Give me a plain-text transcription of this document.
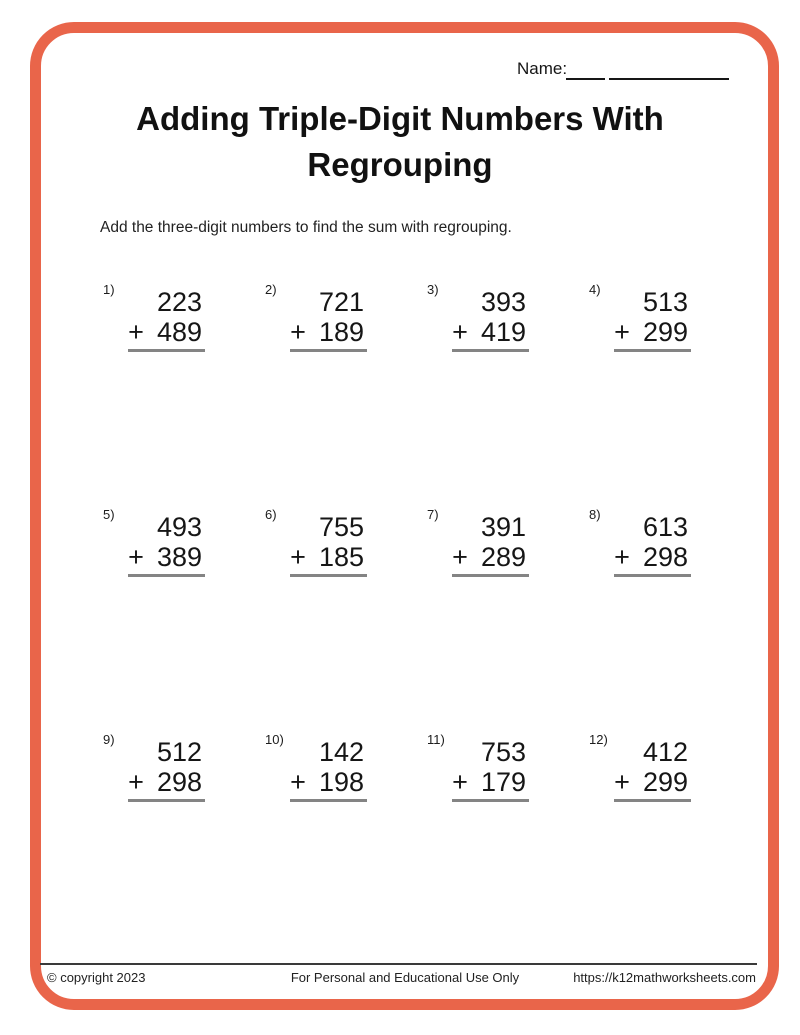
Name:
Adding Triple-Digit Numbers With
Regrouping
Add the three-digit numbers to find the sum with regrouping.
1)	223
+ 489
2)	721
+ 189
3)	393
+ 419
4)	513
+ 299
5)	493
+ 389
6)	755
+ 185
7)	391
+ 289
8)	613
+ 298
9)	512
+ 298
10)	142
+ 198
11)	753
+ 179
12)	412
+ 299
© copyright 2023	For Personal and Educational Use Only	https://k12mathworksheets.com
